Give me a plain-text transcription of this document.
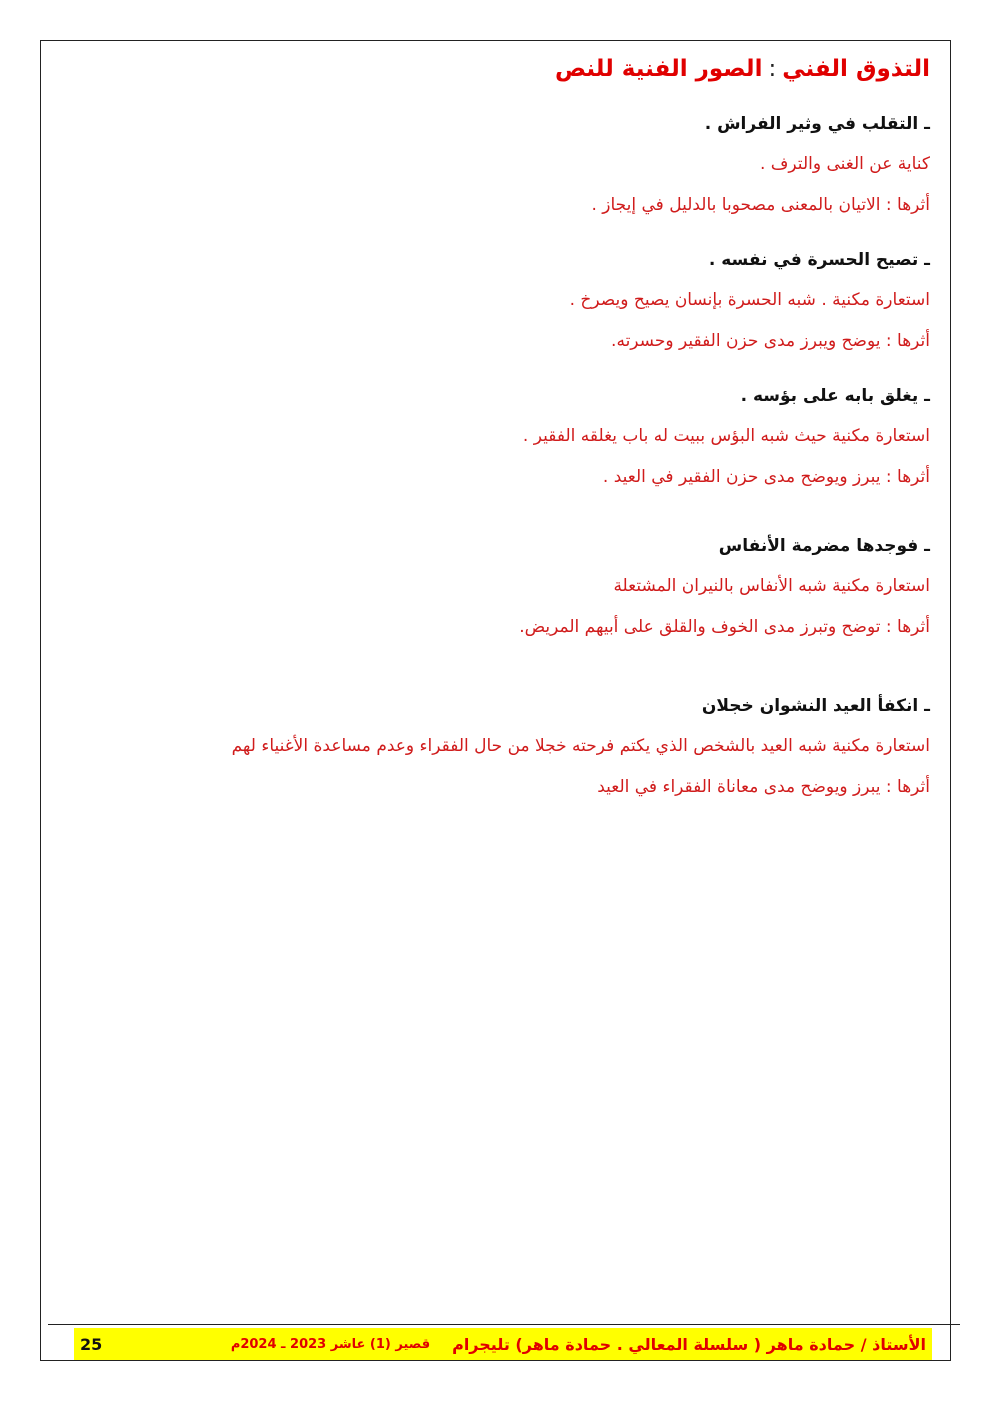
التذوق الفني:الصور الفنية للنص
ـ التقلب في وثير الفراش .
كناية عن الغنى والترف .
أثرها : الاتيان بالمعنى مصحوبا بالدليل في إيجاز .
ـ تصيح الحسرة في نفسه .
استعارة مكنية . شبه الحسرة بإنسان يصيح ويصرخ .
أثرها : يوضح ويبرز مدى حزن الفقير وحسرته.
ـ يغلق بابه على بؤسه .
استعارة مكنية حيث شبه البؤس ببيت له باب يغلقه الفقير .
أثرها : يبرز ويوضح مدى حزن الفقير في العيد .
ـ فوجدها مضرمة الأنفاس
استعارة مكنية شبه الأنفاس بالنيران المشتعلة
أثرها : توضح وتبرز مدى الخوف والقلق على أبيهم المريض.
ـ انكفأ العيد النشوان خجلان
استعارة مكنية شبه العيد بالشخص الذي يكتم فرحته خجلا من حال الفقراء وعدم مساعدة الأغنياء لهم
أثرها : يبرز ويوضح مدى معاناة الفقراء في العيد
الأستاذ / حمادة ماهر ( سلسلة المعالي . حمادة ماهر) تليجرام
قصير (1) عاشر 2023 ـ 2024م
25
